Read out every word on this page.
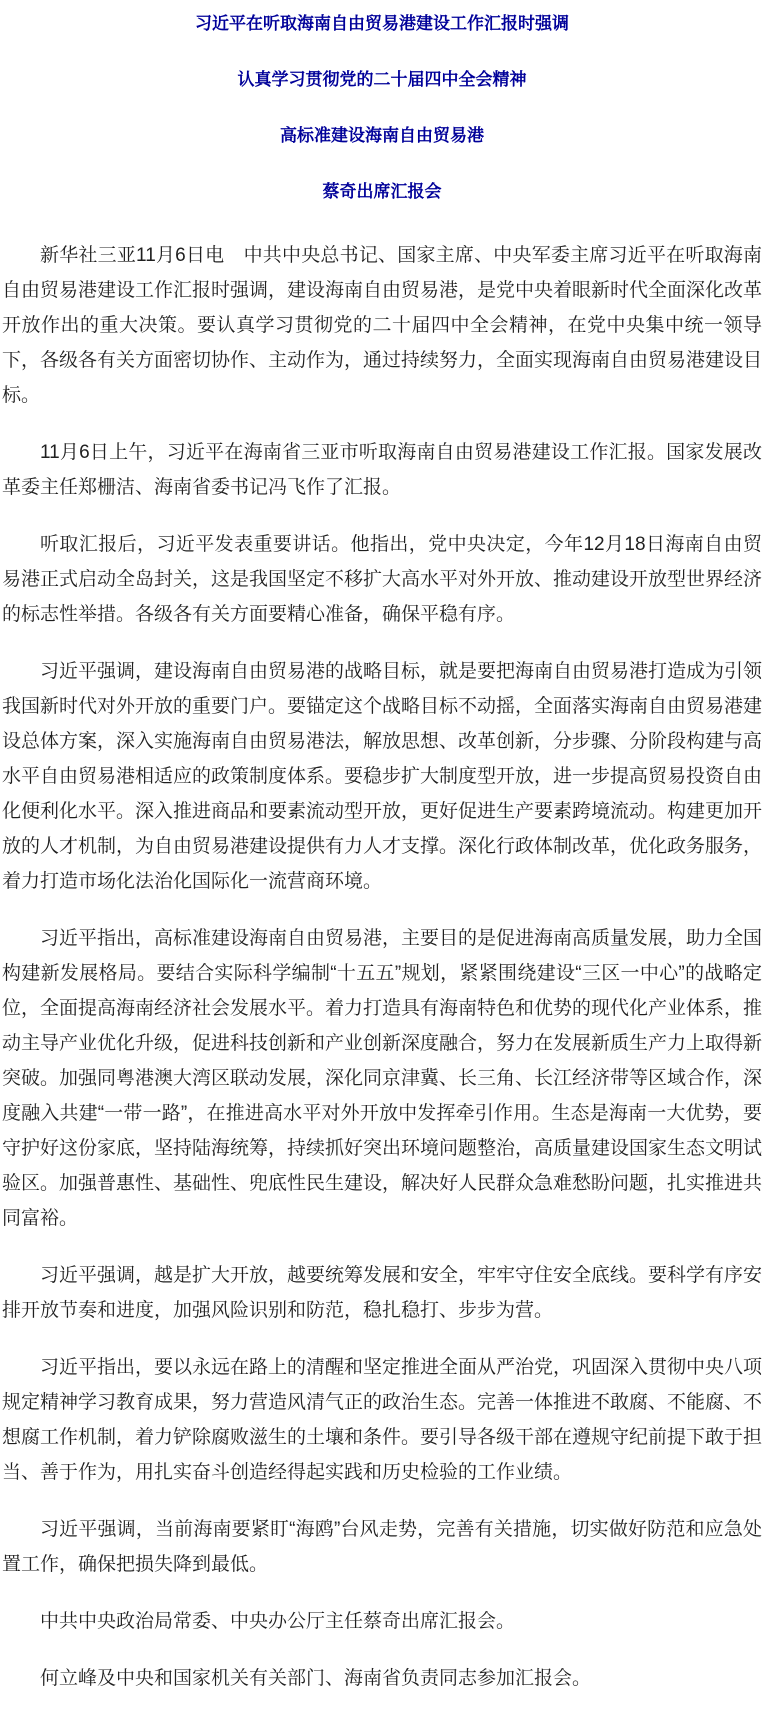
习近平在听取海南自由贸易港建设工作汇报时强调
认真学习贯彻党的二十届四中全会精神
高标准建设海南自由贸易港
蔡奇出席汇报会

新华社三亚11月6日电　中共中央总书记、国家主席、中央军委主席习近平在听取海南自由贸易港建设工作汇报时强调，建设海南自由贸易港，是党中央着眼新时代全面深化改革开放作出的重大决策。要认真学习贯彻党的二十届四中全会精神，在党中央集中统一领导下，各级各有关方面密切协作、主动作为，通过持续努力，全面实现海南自由贸易港建设目标。

11月6日上午，习近平在海南省三亚市听取海南自由贸易港建设工作汇报。国家发展改革委主任郑栅洁、海南省委书记冯飞作了汇报。

听取汇报后，习近平发表重要讲话。他指出，党中央决定，今年12月18日海南自由贸易港正式启动全岛封关，这是我国坚定不移扩大高水平对外开放、推动建设开放型世界经济的标志性举措。各级各有关方面要精心准备，确保平稳有序。

习近平强调，建设海南自由贸易港的战略目标，就是要把海南自由贸易港打造成为引领我国新时代对外开放的重要门户。要锚定这个战略目标不动摇，全面落实海南自由贸易港建设总体方案，深入实施海南自由贸易港法，解放思想、改革创新，分步骤、分阶段构建与高水平自由贸易港相适应的政策制度体系。要稳步扩大制度型开放，进一步提高贸易投资自由化便利化水平。深入推进商品和要素流动型开放，更好促进生产要素跨境流动。构建更加开放的人才机制，为自由贸易港建设提供有力人才支撑。深化行政体制改革，优化政务服务，着力打造市场化法治化国际化一流营商环境。

习近平指出，高标准建设海南自由贸易港，主要目的是促进海南高质量发展，助力全国构建新发展格局。要结合实际科学编制“十五五”规划，紧紧围绕建设“三区一中心”的战略定位，全面提高海南经济社会发展水平。着力打造具有海南特色和优势的现代化产业体系，推动主导产业优化升级，促进科技创新和产业创新深度融合，努力在发展新质生产力上取得新突破。加强同粤港澳大湾区联动发展，深化同京津冀、长三角、长江经济带等区域合作，深度融入共建“一带一路”，在推进高水平对外开放中发挥牵引作用。生态是海南一大优势，要守护好这份家底，坚持陆海统筹，持续抓好突出环境问题整治，高质量建设国家生态文明试验区。加强普惠性、基础性、兜底性民生建设，解决好人民群众急难愁盼问题，扎实推进共同富裕。

习近平强调，越是扩大开放，越要统筹发展和安全，牢牢守住安全底线。要科学有序安排开放节奏和进度，加强风险识别和防范，稳扎稳打、步步为营。

习近平指出，要以永远在路上的清醒和坚定推进全面从严治党，巩固深入贯彻中央八项规定精神学习教育成果，努力营造风清气正的政治生态。完善一体推进不敢腐、不能腐、不想腐工作机制，着力铲除腐败滋生的土壤和条件。要引导各级干部在遵规守纪前提下敢于担当、善于作为，用扎实奋斗创造经得起实践和历史检验的工作业绩。

习近平强调，当前海南要紧盯“海鸥”台风走势，完善有关措施，切实做好防范和应急处置工作，确保把损失降到最低。

中共中央政治局常委、中央办公厅主任蔡奇出席汇报会。

何立峰及中央和国家机关有关部门、海南省负责同志参加汇报会。
